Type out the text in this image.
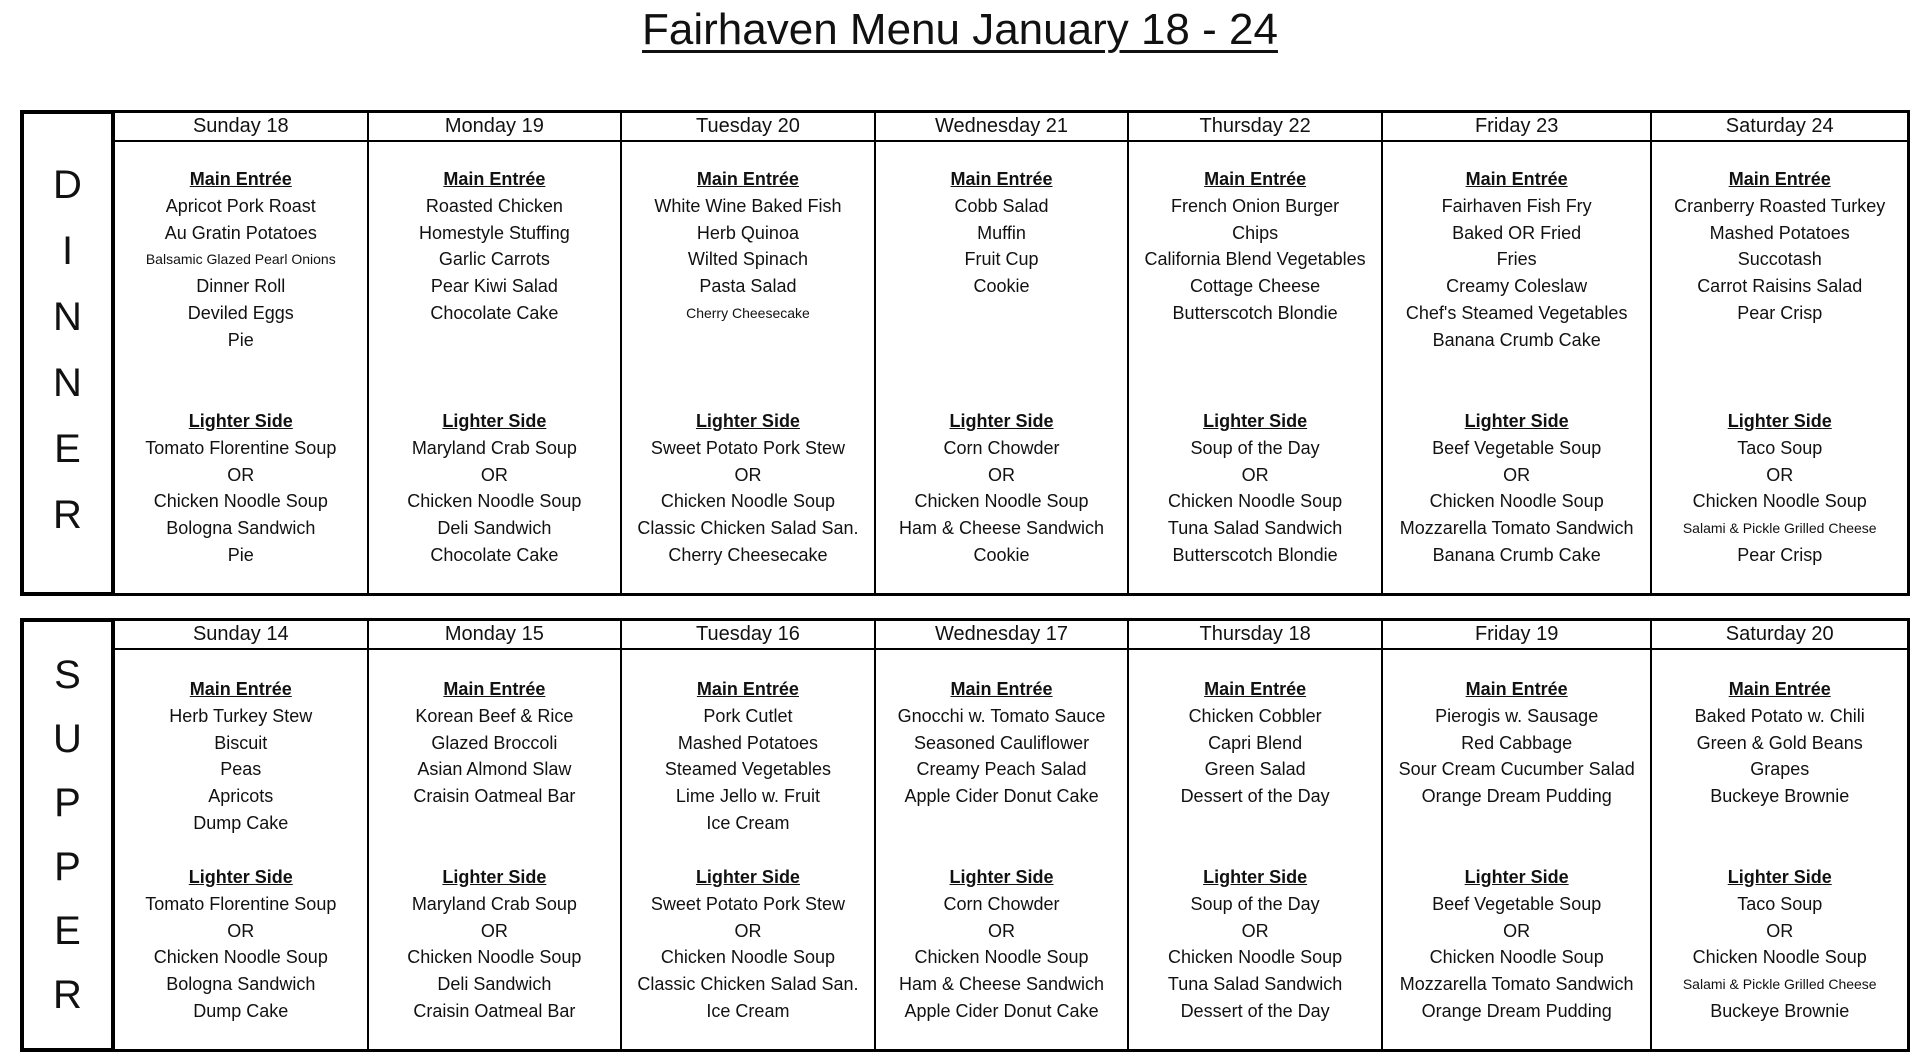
Fairhaven Menu January 18 - 24
D
I
N
N
E
R
Sunday 18	Monday 19	Tuesday 20	Wednesday 21	Thursday 22	Friday 23	Saturday 24
Main Entrée
Apricot Pork Roast
Au Gratin Potatoes
Balsamic Glazed Pearl Onions
Dinner Roll
Deviled Eggs
Pie
Lighter Side
Tomato Florentine Soup
OR
Chicken Noodle Soup
Bologna Sandwich
Pie
Main Entrée
Roasted Chicken
Homestyle Stuffing
Garlic Carrots
Pear Kiwi Salad
Chocolate Cake
Lighter Side
Maryland Crab Soup
OR
Chicken Noodle Soup
Deli Sandwich
Chocolate Cake
Main Entrée
White Wine Baked Fish
Herb Quinoa
Wilted Spinach
Pasta Salad
Cherry Cheesecake
Lighter Side
Sweet Potato Pork Stew
OR
Chicken Noodle Soup
Classic Chicken Salad San.
Cherry Cheesecake
Main Entrée
Cobb Salad
Muffin
Fruit Cup
Cookie
Lighter Side
Corn Chowder
OR
Chicken Noodle Soup
Ham & Cheese Sandwich
Cookie
Main Entrée
French Onion Burger
Chips
California Blend Vegetables
Cottage Cheese
Butterscotch Blondie
Lighter Side
Soup of the Day
OR
Chicken Noodle Soup
Tuna Salad Sandwich
Butterscotch Blondie
Main Entrée
Fairhaven Fish Fry
Baked OR Fried
Fries
Creamy Coleslaw
Chef's Steamed Vegetables
Banana Crumb Cake
Lighter Side
Beef Vegetable Soup
OR
Chicken Noodle Soup
Mozzarella Tomato Sandwich
Banana Crumb Cake
Main Entrée
Cranberry Roasted Turkey
Mashed Potatoes
Succotash
Carrot Raisins Salad
Pear Crisp
Lighter Side
Taco Soup
OR
Chicken Noodle Soup
Salami & Pickle Grilled Cheese
Pear Crisp
S
U
P
P
E
R
Sunday 14	Monday 15	Tuesday 16	Wednesday 17	Thursday 18	Friday 19	Saturday 20
Main Entrée
Herb Turkey Stew
Biscuit
Peas
Apricots
Dump Cake
Lighter Side
Tomato Florentine Soup
OR
Chicken Noodle Soup
Bologna Sandwich
Dump Cake
Main Entrée
Korean Beef & Rice
Glazed Broccoli
Asian Almond Slaw
Craisin Oatmeal Bar
Lighter Side
Maryland Crab Soup
OR
Chicken Noodle Soup
Deli Sandwich
Craisin Oatmeal Bar
Main Entrée
Pork Cutlet
Mashed Potatoes
Steamed Vegetables
Lime Jello w. Fruit
Ice Cream
Lighter Side
Sweet Potato Pork Stew
OR
Chicken Noodle Soup
Classic Chicken Salad San.
Ice Cream
Main Entrée
Gnocchi w. Tomato Sauce
Seasoned Cauliflower
Creamy Peach Salad
Apple Cider Donut Cake
Lighter Side
Corn Chowder
OR
Chicken Noodle Soup
Ham & Cheese Sandwich
Apple Cider Donut Cake
Main Entrée
Chicken Cobbler
Capri Blend
Green Salad
Dessert of the Day
Lighter Side
Soup of the Day
OR
Chicken Noodle Soup
Tuna Salad Sandwich
Dessert of the Day
Main Entrée
Pierogis w. Sausage
Red Cabbage
Sour Cream Cucumber Salad
Orange Dream Pudding
Lighter Side
Beef Vegetable Soup
OR
Chicken Noodle Soup
Mozzarella Tomato Sandwich
Orange Dream Pudding
Main Entrée
Baked Potato w. Chili
Green & Gold Beans
Grapes
Buckeye Brownie
Lighter Side
Taco Soup
OR
Chicken Noodle Soup
Salami & Pickle Grilled Cheese
Buckeye Brownie
